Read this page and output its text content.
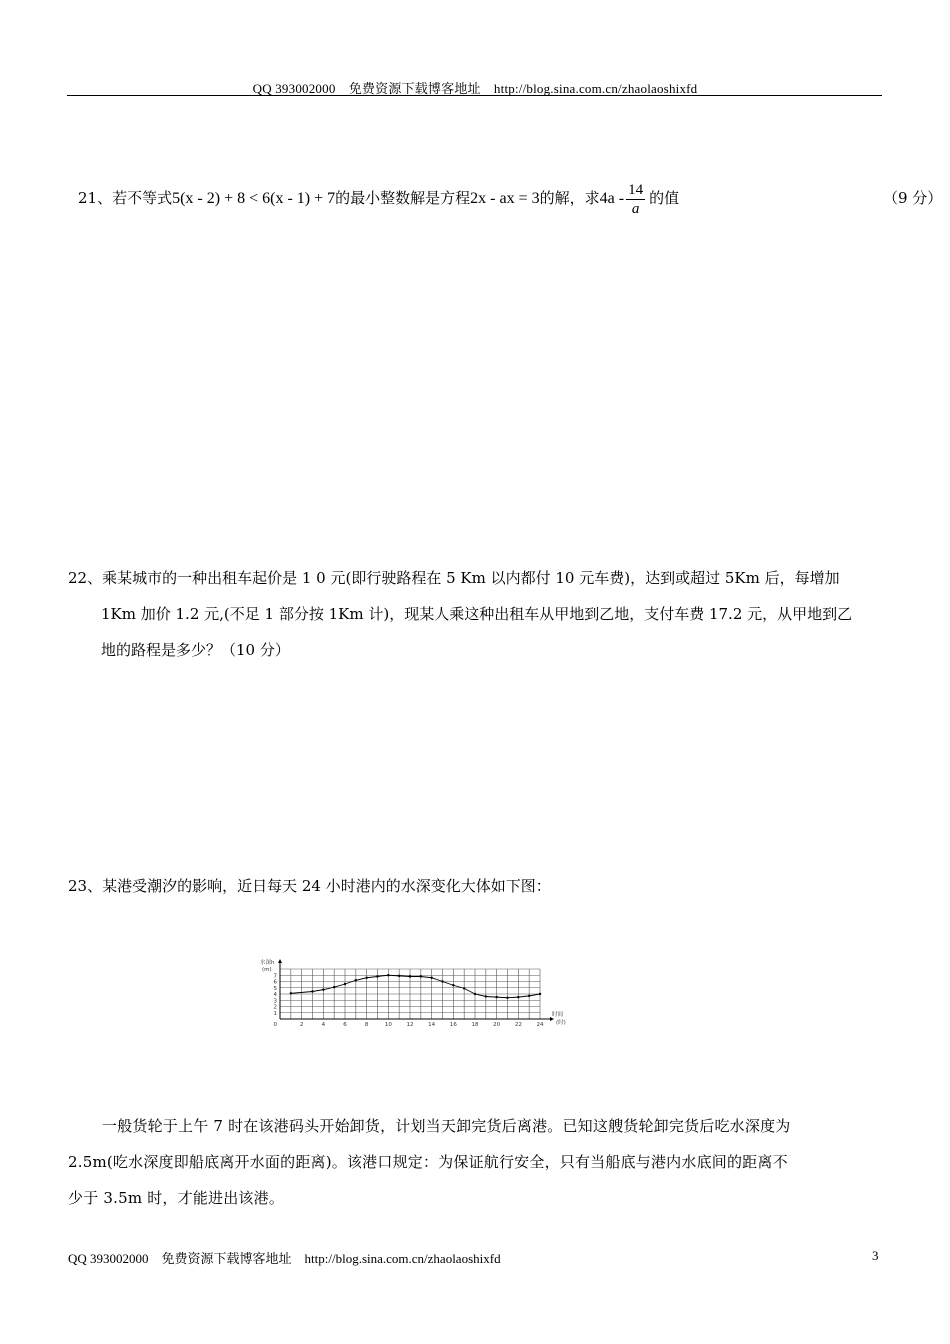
QQ 393002000　免费资源下载博客地址　http://blog.sina.com.cn/zhaolaoshixfd
21、若不等式5(x - 2) + 8 < 6(x - 1) + 7的最小整数解是方程2x - ax = 3的解，求$4a - \frac{14}{a}$ 的值	（9 分）
22、乘某城市的一种出租车起价是 1 0 元(即行驶路程在 5 Km 以内都付 10 元车费)，达到或超过 5Km 后，每增加
1Km 加价 1.2 元,(不足 1 部分按 1Km 计)，现某人乘这种出租车从甲地到乙地，支付车费 17.2 元，从甲地到乙
地的路程是多少？（10 分）
23、某港受潮汐的影响，近日每天 24 小时港内的水深变化大体如下图：
2	4	6	8	10	12	14	16	18	20	22	24
1
2
3
4
5
6
7
0
水深h
(m)
时间
(时)
一般货轮于上午 7 时在该港码头开始卸货，计划当天卸完货后离港。已知这艘货轮卸完货后吃水深度为
2.5m(吃水深度即船底离开水面的距离)。该港口规定：为保证航行安全，只有当船底与港内水底间的距离不
少于 3.5m 时，才能进出该港。
QQ 393002000　免费资源下载博客地址　http://blog.sina.com.cn/zhaolaoshixfd	3
